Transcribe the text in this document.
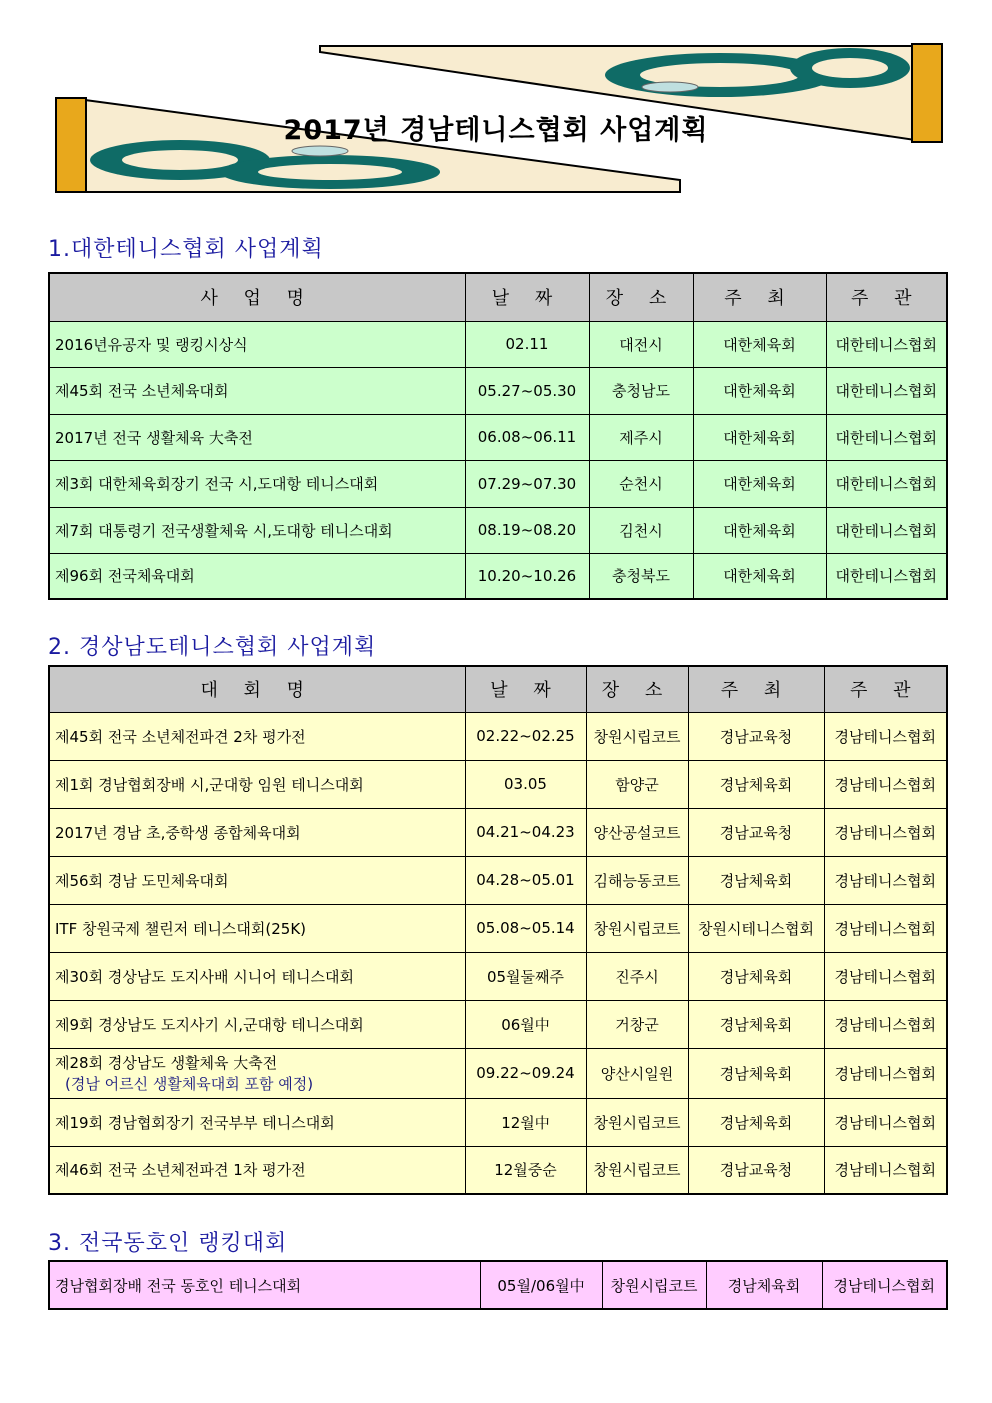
2017년 경남테니스협회 사업계획
1.대한테니스협회 사업계획
사 업 명	날 짜	장 소	주 최	주 관
2016년유공자 및 랭킹시상식	02.11	대전시	대한체육회	대한테니스협회
제45회 전국 소년체육대회	05.27~05.30	충청남도	대한체육회	대한테니스협회
2017년 전국 생활체육 大축전	06.08~06.11	제주시	대한체육회	대한테니스협회
제3회 대한체육회장기 전국 시,도대항 테니스대회	07.29~07.30	순천시	대한체육회	대한테니스협회
제7회 대통령기 전국생활체육 시,도대항 테니스대회	08.19~08.20	김천시	대한체육회	대한테니스협회
제96회 전국체육대회	10.20~10.26	충청북도	대한체육회	대한테니스협회
2. 경상남도테니스협회 사업계획
대 회 명	날 짜	장 소	주 최	주 관
제45회 전국 소년체전파견 2차 평가전	02.22~02.25	창원시립코트	경남교육청	경남테니스협회
제1회 경남협회장배 시,군대항 임원 테니스대회	03.05	함양군	경남체육회	경남테니스협회
2017년 경남 초,중학생 종합체육대회	04.21~04.23	양산공설코트	경남교육청	경남테니스협회
제56회 경남 도민체육대회	04.28~05.01	김해능동코트	경남체육회	경남테니스협회
ITF 창원국제 챌린저 테니스대회(25K)	05.08~05.14	창원시립코트	창원시테니스협회	경남테니스협회
제30회 경상남도 도지사배 시니어 테니스대회	05월둘째주	진주시	경남체육회	경남테니스협회
제9회 경상남도 도지사기 시,군대항 테니스대회	06월中	거창군	경남체육회	경남테니스협회
제28회 경상남도 생활체육 大축전
(경남 어르신 생활체육대회 포함 예정)	09.22~09.24	양산시일원	경남체육회	경남테니스협회
제19회 경남협회장기 전국부부 테니스대회	12월中	창원시립코트	경남체육회	경남테니스협회
제46회 전국 소년체전파견 1차 평가전	12월중순	창원시립코트	경남교육청	경남테니스협회
3. 전국동호인 랭킹대회
경남협회장배 전국 동호인 테니스대회	05월/06월中	창원시립코트	경남체육회	경남테니스협회
